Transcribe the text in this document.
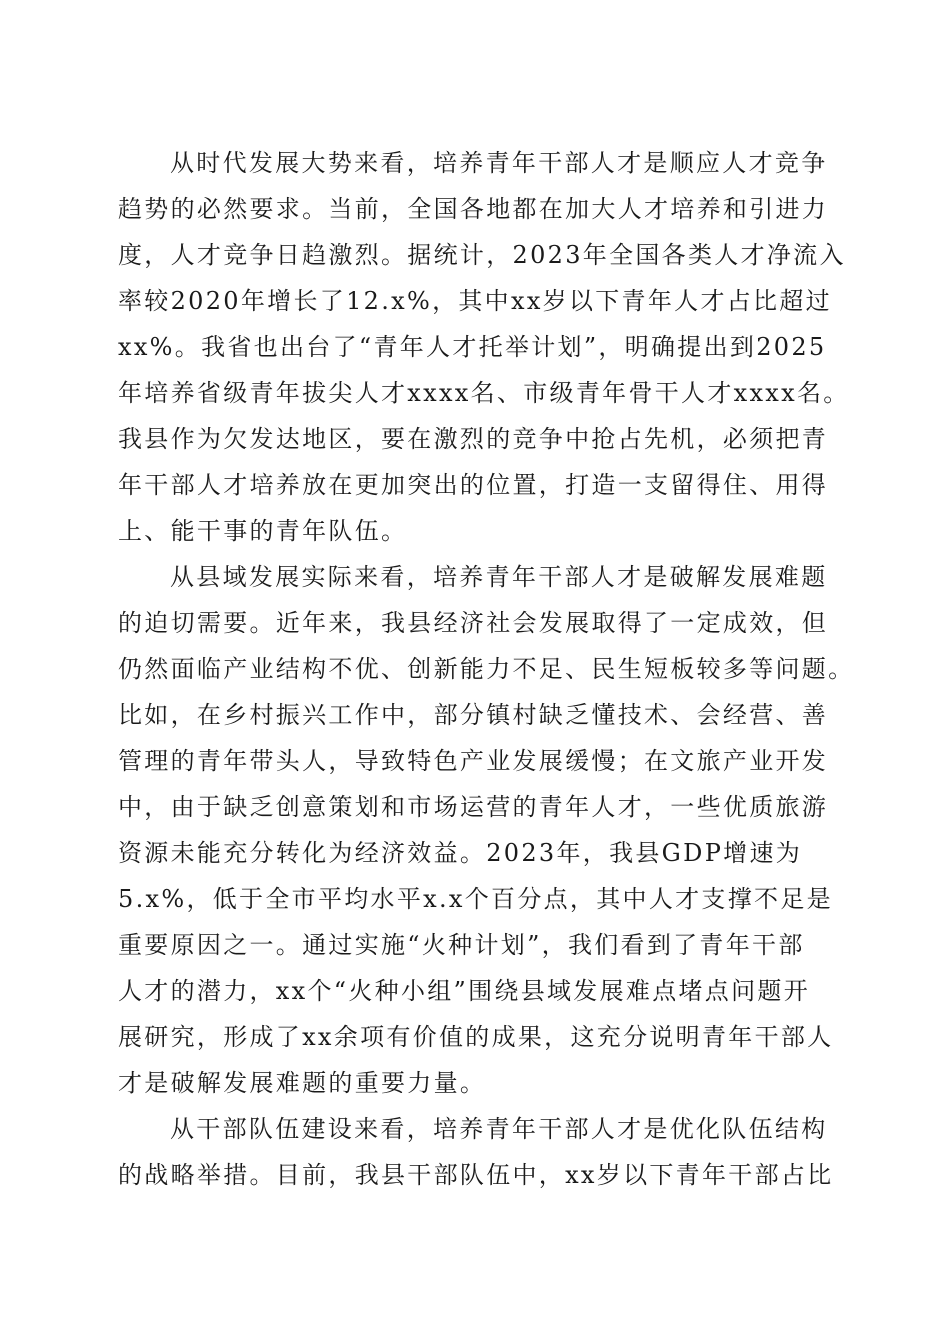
从时代发展大势来看，培养青年干部人才是顺应人才竞争
趋势的必然要求。当前，全国各地都在加大人才培养和引进力
度，人才竞争日趋激烈。据统计，2023年全国各类人才净流入
率较2020年增长了12.x%，其中xx岁以下青年人才占比超过
xx%。我省也出台了“青年人才托举计划”，明确提出到2025
年培养省级青年拔尖人才xxxx名、市级青年骨干人才xxxx名。
我县作为欠发达地区，要在激烈的竞争中抢占先机，必须把青
年干部人才培养放在更加突出的位置，打造一支留得住、用得
上、能干事的青年队伍。
从县域发展实际来看，培养青年干部人才是破解发展难题
的迫切需要。近年来，我县经济社会发展取得了一定成效，但
仍然面临产业结构不优、创新能力不足、民生短板较多等问题。
比如，在乡村振兴工作中，部分镇村缺乏懂技术、会经营、善
管理的青年带头人，导致特色产业发展缓慢；在文旅产业开发
中，由于缺乏创意策划和市场运营的青年人才，一些优质旅游
资源未能充分转化为经济效益。2023年，我县GDP增速为
5.x%，低于全市平均水平x.x个百分点，其中人才支撑不足是
重要原因之一。通过实施“火种计划”，我们看到了青年干部
人才的潜力，xx个“火种小组”围绕县域发展难点堵点问题开
展研究，形成了xx余项有价值的成果，这充分说明青年干部人
才是破解发展难题的重要力量。
从干部队伍建设来看，培养青年干部人才是优化队伍结构
的战略举措。目前，我县干部队伍中，xx岁以下青年干部占比
